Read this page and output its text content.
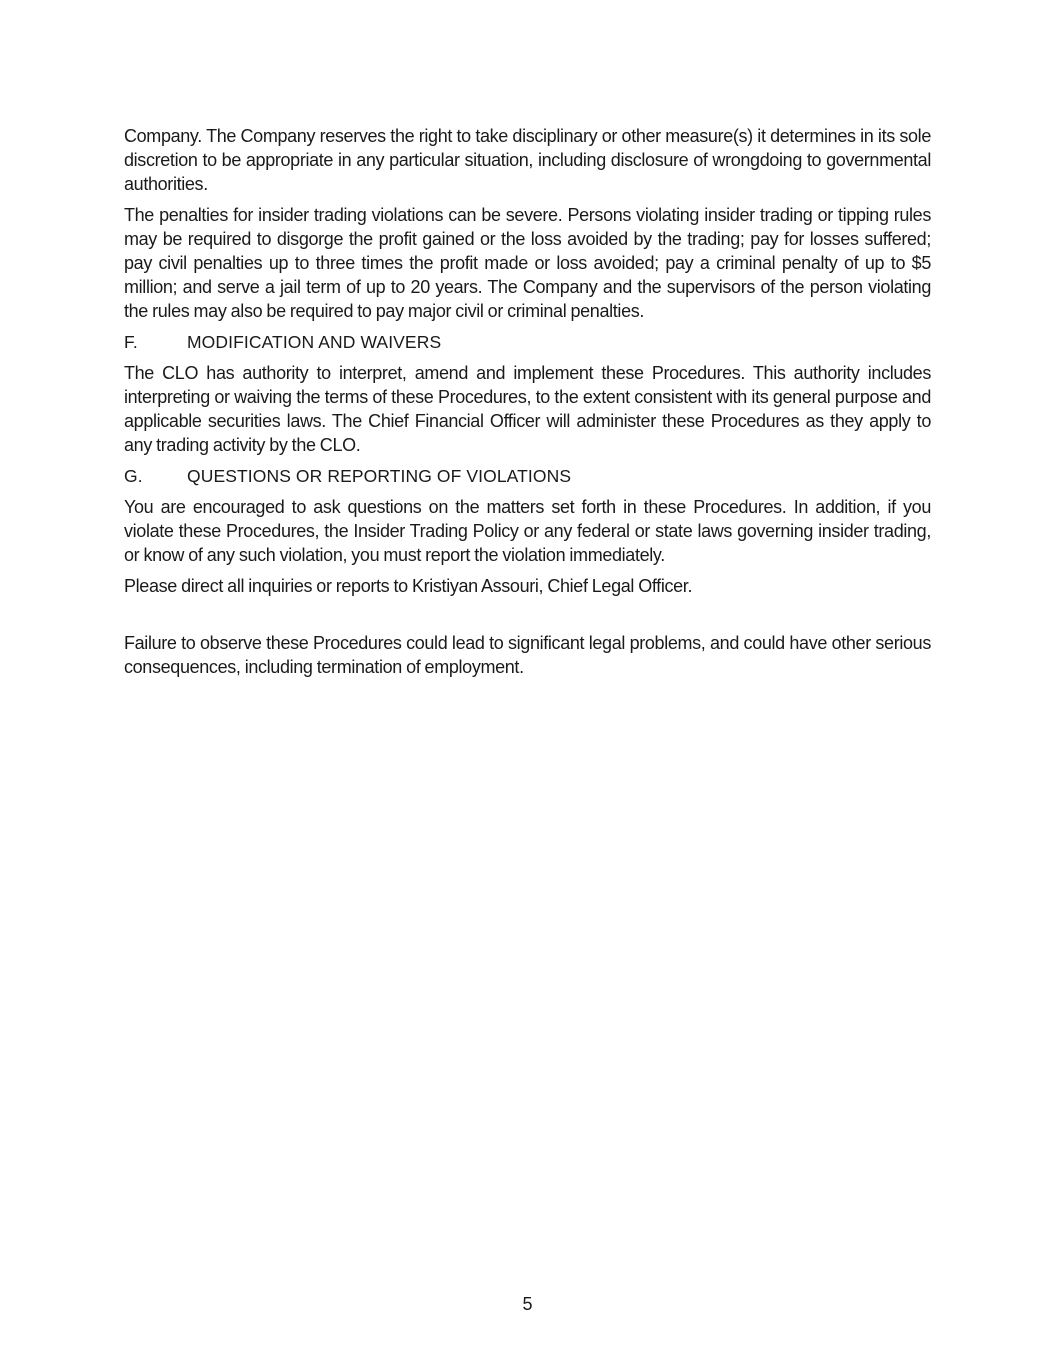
Company. The Company reserves the right to take disciplinary or other measure(s) it determines in its sole discretion to be appropriate in any particular situation, including disclosure of wrongdoing to governmental authorities.

The penalties for insider trading violations can be severe. Persons violating insider trading or tipping rules may be required to disgorge the profit gained or the loss avoided by the trading; pay for losses suffered; pay civil penalties up to three times the profit made or loss avoided; pay a criminal penalty of up to $5 million; and serve a jail term of up to 20 years. The Company and the supervisors of the person violating the rules may also be required to pay major civil or criminal penalties.

F.	MODIFICATION AND WAIVERS

The CLO has authority to interpret, amend and implement these Procedures. This authority includes interpreting or waiving the terms of these Procedures, to the extent consistent with its general purpose and applicable securities laws. The Chief Financial Officer will administer these Procedures as they apply to any trading activity by the CLO.

G.	QUESTIONS OR REPORTING OF VIOLATIONS

You are encouraged to ask questions on the matters set forth in these Procedures. In addition, if you violate these Procedures, the Insider Trading Policy or any federal or state laws governing insider trading, or know of any such violation, you must report the violation immediately.

Please direct all inquiries or reports to Kristiyan Assouri, Chief Legal Officer.

Failure to observe these Procedures could lead to significant legal problems, and could have other serious consequences, including termination of employment.

5
